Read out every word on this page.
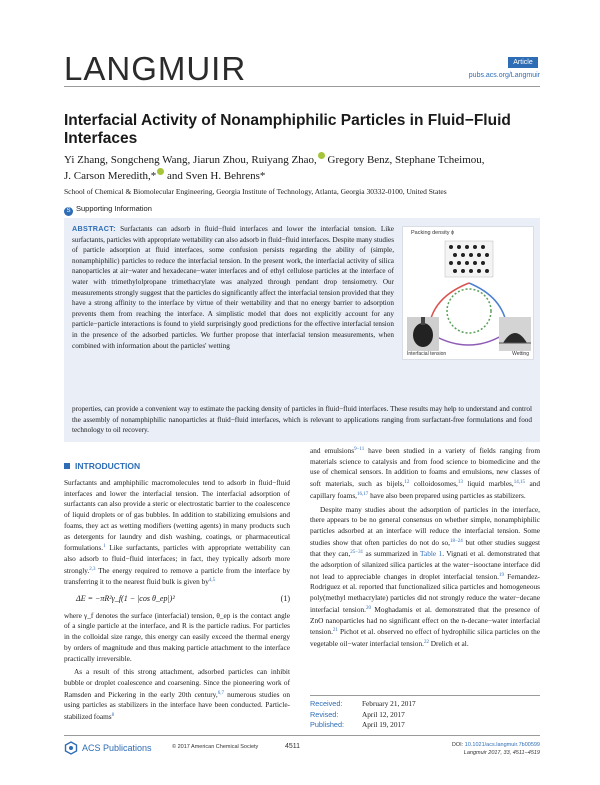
LANGMUIR	Article
pubs.acs.org/Langmuir
Interfacial Activity of Nonamphiphilic Particles in Fluid−Fluid Interfaces
Yi Zhang, Songcheng Wang, Jiarun Zhou, Ruiyang Zhao, Gregory Benz, Stephane Tcheimou,
J. Carson Meredith,* and Sven H. Behrens*
School of Chemical & Biomolecular Engineering, Georgia Institute of Technology, Atlanta, Georgia 30332-0100, United States
S Supporting Information
ABSTRACT: Surfactants can adsorb in fluid−fluid interfaces and lower the interfacial tension. Like surfactants, particles with appropriate wettability can also adsorb in fluid−fluid interfaces. Despite many studies of particle adsorption at fluid interfaces, some confusion persists regarding the ability of (simple, nonamphiphilic) particles to reduce the interfacial tension. In the present work, the interfacial activity of silica nanoparticles at air−water and hexadecane−water interfaces and of ethyl cellulose particles at the interface of water with trimethylolpropane trimethacrylate was analyzed through pendant drop tensiometry. Our measurements strongly suggest that the particles do significantly affect the interfacial tension provided that they have a strong affinity to the interface by virtue of their wettability and that no energy barrier to adsorption prevents them from reaching the interface. A simplistic model that does not explicitly account for any particle−particle interactions is found to yield surprisingly good predictions for the effective interfacial tension in the presence of the adsorbed particles. We further propose that interfacial tension measurements, when combined with information about the particles' wetting
properties, can provide a convenient way to estimate the packing density of particles in fluid−fluid interfaces. These results may help to understand and control the assembly of nonamphiphilic nanoparticles at fluid−fluid interfaces, which is relevant to applications ranging from surfactant-free formulations and food technology to oil recovery.
Packing density ϕ
Interfacial tension	Wetting
INTRODUCTION

Surfactants and amphiphilic macromolecules tend to adsorb in fluid−fluid interfaces and lower the interfacial tension. The interfacial adsorption of surfactants can also provide a steric or electrostatic barrier to the coalescence of liquid droplets or of gas bubbles. In addition to stabilizing emulsions and foams, they act as wetting modifiers (wetting agents) in many products such as detergents for laundry and dish washing, coatings, or pharmaceutical formulations.$^1$ Like surfactants, particles with appropriate wettability can also adsorb to fluid−fluid interfaces; in fact, they typically adsorb more strongly.$^{2,3}$ The energy required to remove a particle from the interface by transferring it to the nearest fluid bulk is given by$^{4,5}$

ΔE = −πR²γ_f(1 − |cos θ_ep|)²	(1)

where γ_f denotes the surface (interfacial) tension, θ_ep is the contact angle of a single particle at the interface, and R is the particle radius. For particles in the colloidal size range, this energy can easily exceed the thermal energy by orders of magnitude and thus making particle attachment to the interface practically irreversible.

As a result of this strong attachment, adsorbed particles can inhibit bubble or droplet coalescence and coarsening. Since the pioneering work of Ramsden and Pickering in the early 20th century,$^{6,7}$ numerous studies on using particles as stabilizers in the interface have been conducted. Particle-stabilized foams$^8$

and emulsions$^{9-11}$ have been studied in a variety of fields ranging from materials science to catalysis and from food science to biomedicine and the use of chemical sensors. In addition to foams and emulsions, new classes of soft materials, such as bijels,$^{12}$ colloidosomes,$^{13}$ liquid marbles,$^{14,15}$ and capillary foams,$^{16,17}$ have also been prepared using particles as stabilizers.

Despite many studies about the adsorption of particles in the interface, there appears to be no general consensus on whether simple, nonamphiphilic particles adsorbed at an interface will reduce the interfacial tension. Some studies show that often particles do not do so,$^{18-24}$ but other studies suggest that they can,$^{25-31}$ as summarized in Table 1. Vignati et al. demonstrated that the adsorption of silanized silica particles at the water−isooctane interface did not lead to appreciable changes in droplet interfacial tension.$^{19}$ Fernandez-Rodriguez et al. reported that functionalized silica particles and homogeneous poly(methyl methacrylate) particles did not strongly reduce the water−decane interfacial tension.$^{20}$ Moghadamis et al. demonstrated that the presence of ZnO nanoparticles had no significant effect on the n-decane−water interfacial tension.$^{21}$ Pichot et al. observed no effect of hydrophilic silica particles on the vegetable oil−water interfacial tension.$^{22}$ Drelich et al.

Received:	February 21, 2017
Revised:	April 12, 2017
Published: April 19, 2017
ACS Publications	© 2017 American Chemical Society	4511	DOI: 10.1021/acs.langmuir.7b00599
Langmuir 2017, 33, 4511−4519
